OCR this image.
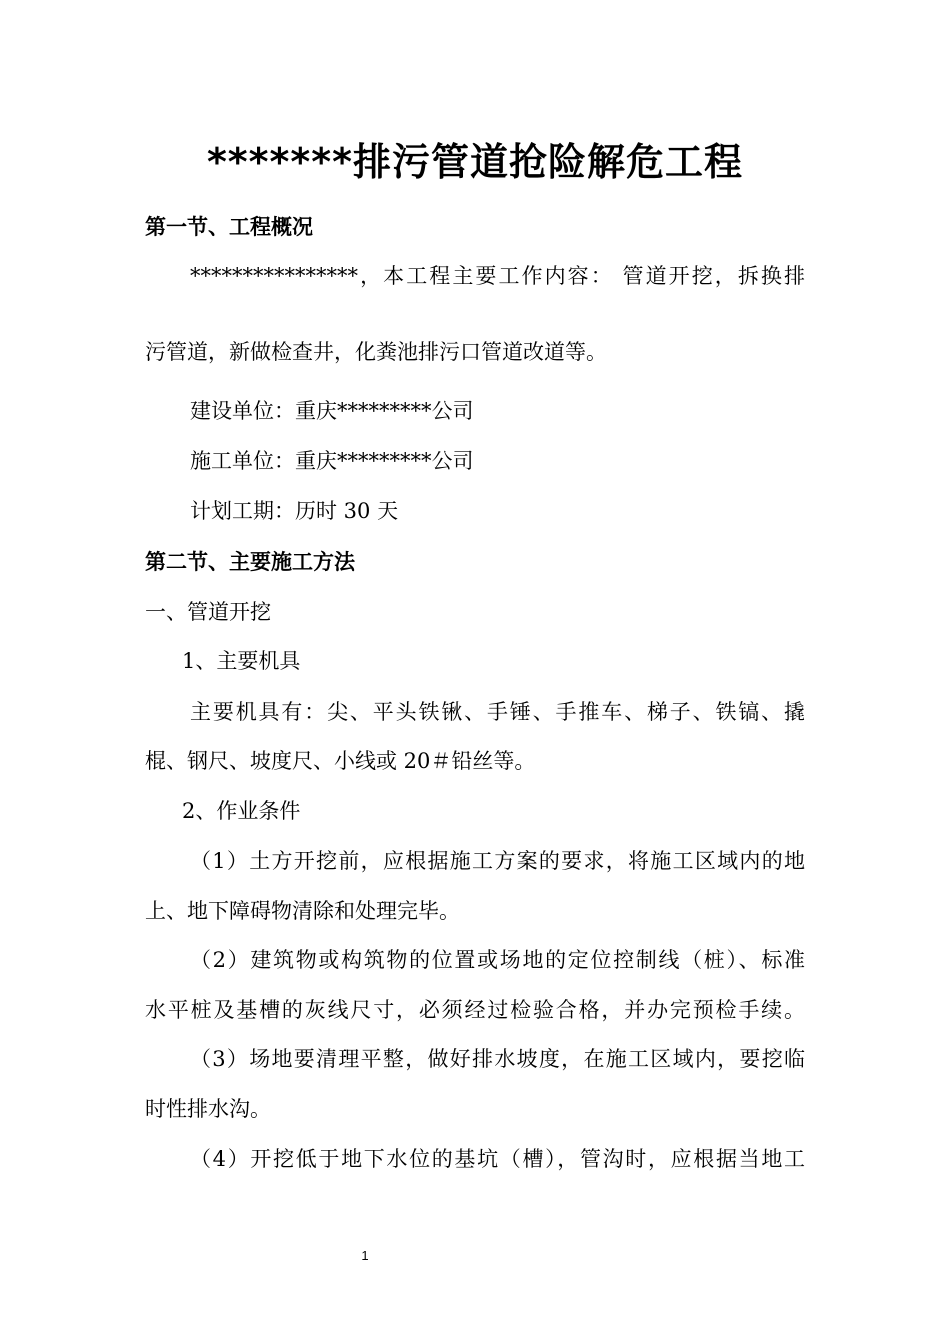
*******排污管道抢险解危工程
第一节、工程概况
****************，本工程主要工作内容： 管道开挖，拆换排
污管道，新做检查井，化粪池排污口管道改道等。
建设单位：重庆*********公司
施工单位：重庆*********公司
计划工期：历时 30 天
第二节、主要施工方法
一、管道开挖
1、主要机具
主要机具有：尖、平头铁锹、手锤、手推车、梯子、铁镐、撬
棍、钢尺、坡度尺、小线或 20＃铅丝等。
2、作业条件
（1）土方开挖前，应根据施工方案的要求，将施工区域内的地
上、地下障碍物清除和处理完毕。
（2）建筑物或构筑物的位置或场地的定位控制线（桩）、标准
水平桩及基槽的灰线尺寸，必须经过检验合格，并办完预检手续。
（3）场地要清理平整，做好排水坡度，在施工区域内，要挖临
时性排水沟。
（4）开挖低于地下水位的基坑（槽），管沟时，应根据当地工
1
